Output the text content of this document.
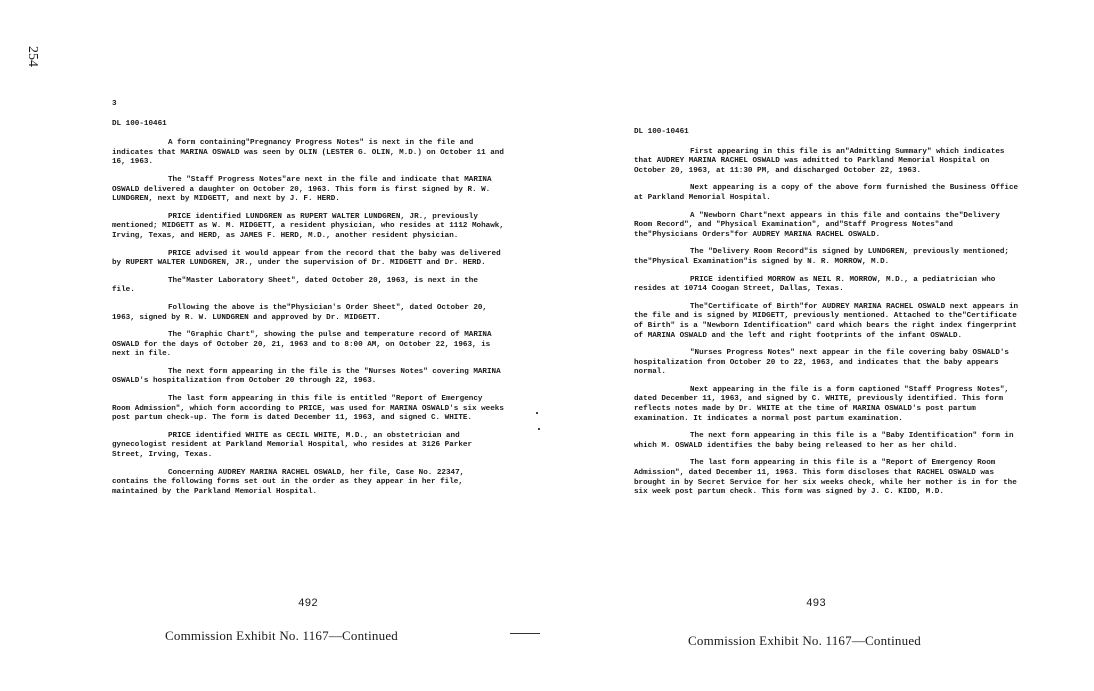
254
3
DL 100-10461

A form containing"Pregnancy Progress Notes" is next in the file and indicates that MARINA OSWALD was seen by OLIN (LESTER G. OLIN, M.D.) on October 11 and 16, 1963.

The "Staff Progress Notes"are next in the file and indicate that MARINA OSWALD delivered a daughter on October 20, 1963. This form is first signed by R. W. LUNDGREN, next by MIDGETT, and next by J. F. HERD.

PRICE identified LUNDGREN as RUPERT WALTER LUNDGREN, JR., previously mentioned; MIDGETT as W. M. MIDGETT, a resident physician, who resides at 1112 Mohawk, Irving, Texas, and HERD, as JAMES F. HERD, M.D., another resident physician.

PRICE advised it would appear from the record that the baby was delivered by RUPERT WALTER LUNDGREN, JR., under the supervision of Dr. MIDGETT and Dr. HERD.

The"Master Laboratory Sheet", dated October 20, 1963, is next in the file.

Following the above is the"Physician's Order Sheet", dated October 20, 1963, signed by R. W. LUNDGREN and approved by Dr. MIDGETT.

The "Graphic Chart", showing the pulse and temperature record of MARINA OSWALD for the days of October 20, 21, 1963 and to 8:00 AM, on October 22, 1963, is next in file.

The next form appearing in the file is the "Nurses Notes" covering MARINA OSWALD's hospitalization from October 20 through 22, 1963.

The last form appearing in this file is entitled "Report of Emergency Room Admission", which form according to PRICE, was used for MARINA OSWALD's six weeks post partum check-up. The form is dated December 11, 1963, and signed C. WHITE.

PRICE identified WHITE as CECIL WHITE, M.D., an obstetrician and gynecologist resident at Parkland Memorial Hospital, who resides at 3126 Parker Street, Irving, Texas.

Concerning AUDREY MARINA RACHEL OSWALD, her file, Case No. 22347, contains the following forms set out in the order as they appear in her file, maintained by the Parkland Memorial Hospital.

DL 100-10461

First appearing in this file is an"Admitting Summary" which indicates that AUDREY MARINA RACHEL OSWALD was admitted to Parkland Memorial Hospital on October 20, 1963, at 11:30 PM, and discharged October 22, 1963.

Next appearing is a copy of the above form furnished the Business Office at Parkland Memorial Hospital.

A "Newborn Chart"next appears in this file and contains the"Delivery Room Record", and "Physical Examination", and"Staff Progress Notes"and the"Physicians Orders"for AUDREY MARINA RACHEL OSWALD.

The "Delivery Room Record"is signed by LUNDGREN, previously mentioned; the"Physical Examination"is signed by N. R. MORROW, M.D.

PRICE identified MORROW as NEIL R. MORROW, M.D., a pediatrician who resides at 10714 Coogan Street, Dallas, Texas.

The"Certificate of Birth"for AUDREY MARINA RACHEL OSWALD next appears in the file and is signed by MIDGETT, previously mentioned. Attached to the"Certificate of Birth" is a "Newborn Identification" card which bears the right index fingerprint of MARINA OSWALD and the left and right footprints of the infant OSWALD.

"Nurses Progress Notes" next appear in the file covering baby OSWALD's hospitalization from October 20 to 22, 1963, and indicates that the baby appears normal.

Next appearing in the file is a form captioned "Staff Progress Notes", dated December 11, 1963, and signed by C. WHITE, previously identified. This form reflects notes made by Dr. WHITE at the time of MARINA OSWALD's post partum examination. It indicates a normal post partum examination.

The next form appearing in this file is a "Baby Identification" form in which M. OSWALD identifies the baby being released to her as her child.

The last form appearing in this file is a "Report of Emergency Room Admission", dated December 11, 1963. This form discloses that RACHEL OSWALD was brought in by Secret Service for her six weeks check, while her mother is in for the six week post partum check. This form was signed by J. C. KIDD, M.D.

492	493
Commission Exhibit No. 1167—Continued	Commission Exhibit No. 1167—Continued
